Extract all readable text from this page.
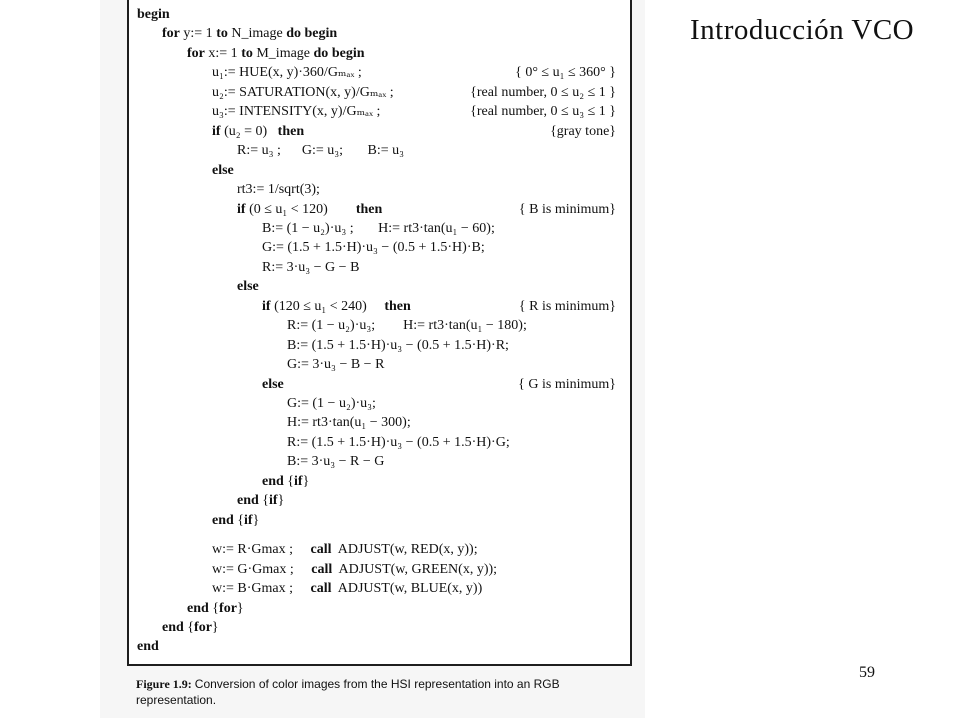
begin
for y:= 1 to N_image do begin
for x:= 1 to M_image do begin
u₁:= HUE(x, y)·360/Gₘₐₓ ;	{ 0° ≤ u₁ ≤ 360° }
u₂:= SATURATION(x, y)/Gₘₐₓ ;	{real number, 0 ≤ u₂ ≤ 1 }
u₃:= INTENSITY(x, y)/Gₘₐₓ ;	{real number, 0 ≤ u₃ ≤ 1 }
if (u₂ = 0)   then	{gray tone}
R:= u₃ ;      G:= u₃;       B:= u₃
else
rt3:= 1/sqrt(3);
if (0 ≤ u₁ < 120)        then	{ B is minimum}
B:= (1 − u₂)·u₃ ;       H:= rt3·tan(u₁ − 60);
G:= (1.5 + 1.5·H)·u₃ − (0.5 + 1.5·H)·B;
R:= 3·u₃ − G − B
else
if (120 ≤ u₁ < 240)     then	{ R is minimum}
R:= (1 − u₂)·u₃;        H:= rt3·tan(u₁ − 180);
B:= (1.5 + 1.5·H)·u₃ − (0.5 + 1.5·H)·R;
G:= 3·u₃ − B − R
else	{ G is minimum}
G:= (1 − u₂)·u₃;
H:= rt3·tan(u₁ − 300);
R:= (1.5 + 1.5·H)·u₃ − (0.5 + 1.5·H)·G;
B:= 3·u₃ − R − G
end {if}
end {if}
end {if}
w:= R·Gmax ;     call  ADJUST(w, RED(x, y));
w:= G·Gmax ;     call  ADJUST(w, GREEN(x, y));
w:= B·Gmax ;     call  ADJUST(w, BLUE(x, y))
end {for}
end {for}
end
Figure 1.9: Conversion of color images from the HSI representation into an RGB representation.
Introducción VCO
59
